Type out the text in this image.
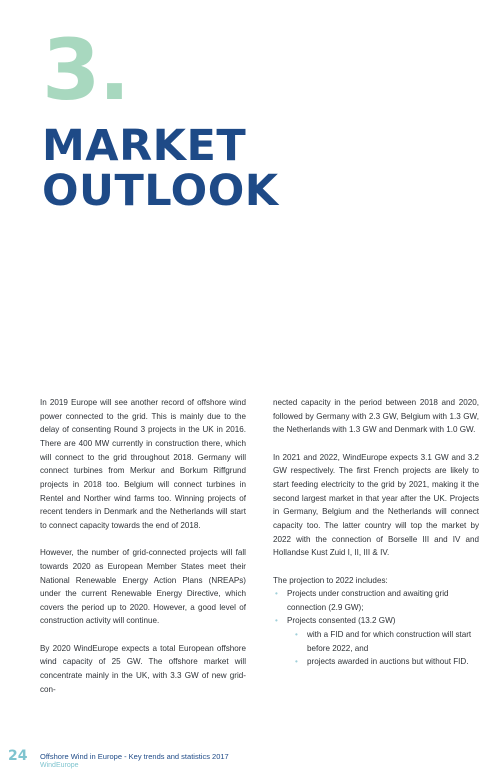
3.
MARKET
OUTLOOK

In 2019 Europe will see another record of offshore wind power connected to the grid. This is mainly due to the delay of consenting Round 3 projects in the UK in 2016. There are 400 MW currently in construction there, which will connect to the grid throughout 2018. Germany will connect turbines from Merkur and Borkum Riffgrund projects in 2018 too. Belgium will connect turbines in Rentel and Norther wind farms too. Winning projects of recent tenders in Denmark and the Netherlands will start to connect capacity towards the end of 2018.

However, the number of grid-connected projects will fall towards 2020 as European Member States meet their National Renewable Energy Action Plans (NREAPs) under the current Renewable Energy Directive, which covers the period up to 2020. However, a good level of construction activity will continue.

By 2020 WindEurope expects a total European offshore wind capacity of 25 GW. The offshore market will concentrate mainly in the UK, with 3.3 GW of new grid-con-

nected capacity in the period between 2018 and 2020, followed by Germany with 2.3 GW, Belgium with 1.3 GW, the Netherlands with 1.3 GW and Denmark with 1.0 GW.

In 2021 and 2022, WindEurope expects 3.1 GW and 3.2 GW respectively. The first French projects are likely to start feeding electricity to the grid by 2021, making it the second largest market in that year after the UK. Projects in Germany, Belgium and the Netherlands will connect capacity too. The latter country will top the market by 2022 with the connection of Borselle III and IV and Hollandse Kust Zuid I, II, III & IV.

The projection to 2022 includes:

• Projects under construction and awaiting grid connection (2.9 GW);
• Projects consented (13.2 GW)
• with a FID and for which construction will start before 2022, and
• projects awarded in auctions but without FID.
24 Offshore Wind in Europe - Key trends and statistics 2017
WindEurope
